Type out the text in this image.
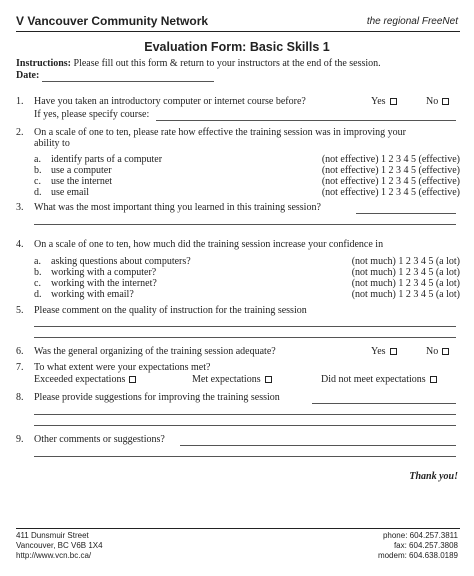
V Vancouver Community Network	the regional FreeNet
Evaluation Form: Basic Skills 1
Instructions: Please fill out this form & return to your instructors at the end of the session.
Date:
1. Have you taken an introductory computer or internet course before?	Yes	No
If yes, please specify course:
2. On a scale of one to ten, please rate how effective the training session was in improving your
ability to
a. identify parts of a computer	(not effective) 1 2 3 4 5 (effective)
b. use a computer	(not effective) 1 2 3 4 5 (effective)
c. use the internet	(not effective) 1 2 3 4 5 (effective)
d. use email	(not effective) 1 2 3 4 5 (effective)
3. What was the most important thing you learned in this training session?
4. On a scale of one to ten, how much did the training session increase your confidence in
a. asking questions about computers?	(not much) 1 2 3 4 5 (a lot)
b. working with a computer?	(not much) 1 2 3 4 5 (a lot)
c. working with the internet?	(not much) 1 2 3 4 5 (a lot)
d. working with email?	(not much) 1 2 3 4 5 (a lot)
5. Please comment on the quality of instruction for the training session
6. Was the general organizing of the training session adequate?	Yes	No
7. To what extent were your expectations met?
Exceeded expectations	Met expectations	Did not meet expectations
8. Please provide suggestions for improving the training session
9. Other comments or suggestions?
Thank you!
411 Dunsmuir Street
Vancouver, BC V6B 1X4
http://www.vcn.bc.ca/
phone: 604.257.3811
fax: 604.257.3808
modem: 604.638.0189
